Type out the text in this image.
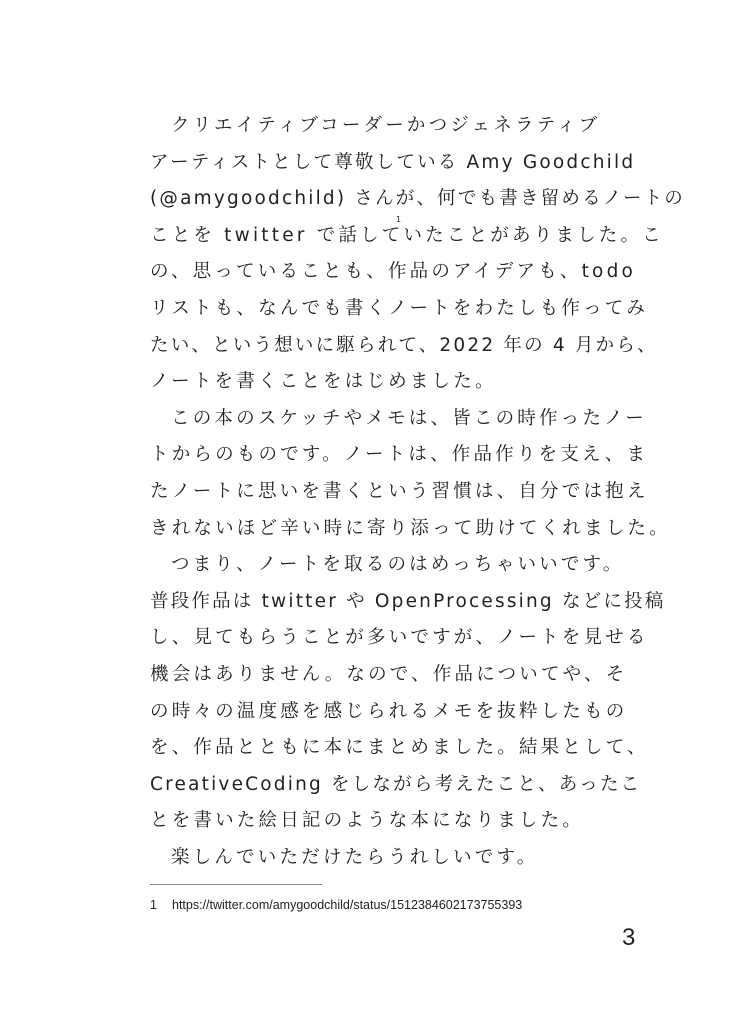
クリエイティブコーダーかつジェネラティブ
アーティストとして尊敬している Amy Goodchild
(@amygoodchild) さんが、何でも書き留めるノートの
ことを twitter で話していたことがありました。こ
1
の、思っていることも、作品のアイデアも、todo
リストも、なんでも書くノートをわたしも作ってみ
たい、という想いに駆られて、2022 年の 4 月から、
ノートを書くことをはじめました。
この本のスケッチやメモは、皆この時作ったノー
トからのものです。ノートは、作品作りを支え、ま
たノートに思いを書くという習慣は、自分では抱え
きれないほど辛い時に寄り添って助けてくれました。
つまり、ノートを取るのはめっちゃいいです。
普段作品は twitter や OpenProcessing などに投稿
し、見てもらうことが多いですが、ノートを見せる
機会はありません。なので、作品についてや、そ
の時々の温度感を感じられるメモを抜粋したもの
を、作品とともに本にまとめました。結果として、
CreativeCoding をしながら考えたこと、あったこ
とを書いた絵日記のような本になりました。
楽しんでいただけたらうれしいです。
1 https://twitter.com/amygoodchild/status/1512384602173755393
3
